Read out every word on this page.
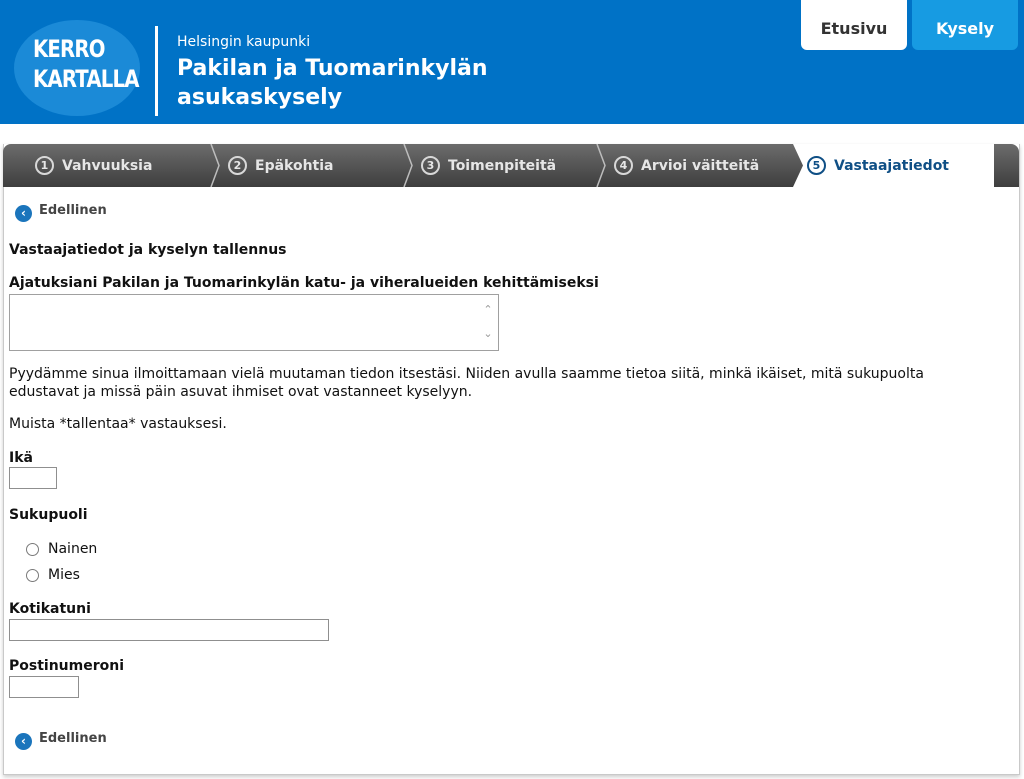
KERRO
KARTALLA
Helsingin kaupunki
Pakilan ja Tuomarinkylän asukaskysely
Etusivu	Kysely
1 Vahvuuksia	2 Epäkohtia	3 Toimenpiteitä	4 Arvioi väitteitä	5 Vastaajatiedot
‹ Edellinen
Vastaajatiedot ja kyselyn tallennus
Ajatuksiani Pakilan ja Tuomarinkylän katu- ja viheralueiden kehittämiseksi
⌃
⌄
Pyydämme sinua ilmoittamaan vielä muutaman tiedon itsestäsi. Niiden avulla saamme tietoa siitä, minkä ikäiset, mitä sukupuolta
edustavat ja missä päin asuvat ihmiset ovat vastanneet kyselyyn.
Muista *tallentaa* vastauksesi.
Ikä
Sukupuoli
Nainen
Mies
Kotikatuni
Postinumeroni
‹ Edellinen
